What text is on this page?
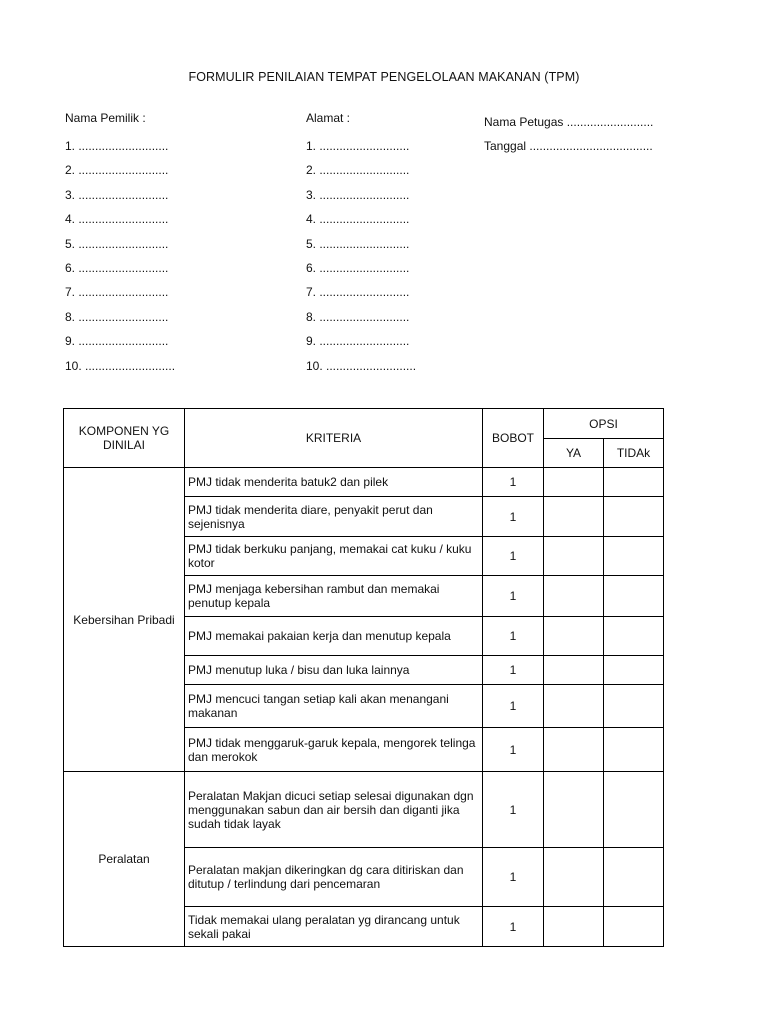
FORMULIR PENILAIAN TEMPAT PENGELOLAAN MAKANAN (TPM)
Nama Pemilik :
1. ...........................
2. ...........................
3. ...........................
4. ...........................
5. ...........................
6. ...........................
7. ...........................
8. ...........................
9. ...........................
10. ...........................
Alamat :
1. ...........................
2. ...........................
3. ...........................
4. ...........................
5. ...........................
6. ...........................
7. ...........................
8. ...........................
9. ...........................
10. ...........................
Nama Petugas ..........................
Tanggal .....................................
KOMPONEN YG DINILAI	KRITERIA	BOBOT	OPSI	
			YA	TIDAk
Kebersihan Pribadi	PMJ tidak menderita batuk2 dan pilek	1		
	PMJ tidak menderita diare, penyakit perut dan sejenisnya	1		
	PMJ tidak berkuku panjang, memakai cat kuku / kuku kotor	1		
	PMJ menjaga kebersihan rambut dan memakai penutup kepala	1		
	PMJ memakai pakaian kerja dan menutup kepala	1		
	PMJ menutup luka / bisu dan luka lainnya	1		
	PMJ mencuci tangan setiap kali akan menangani makanan	1		
	PMJ tidak menggaruk-garuk kepala, mengorek telinga dan merokok	1		
Peralatan	Peralatan Makjan dicuci setiap selesai digunakan dgn menggunakan sabun dan air bersih dan diganti jika sudah tidak layak	1		
	Peralatan makjan dikeringkan dg cara ditiriskan dan ditutup / terlindung dari pencemaran	1		
	Tidak memakai ulang peralatan yg dirancang untuk sekali pakai	1		
